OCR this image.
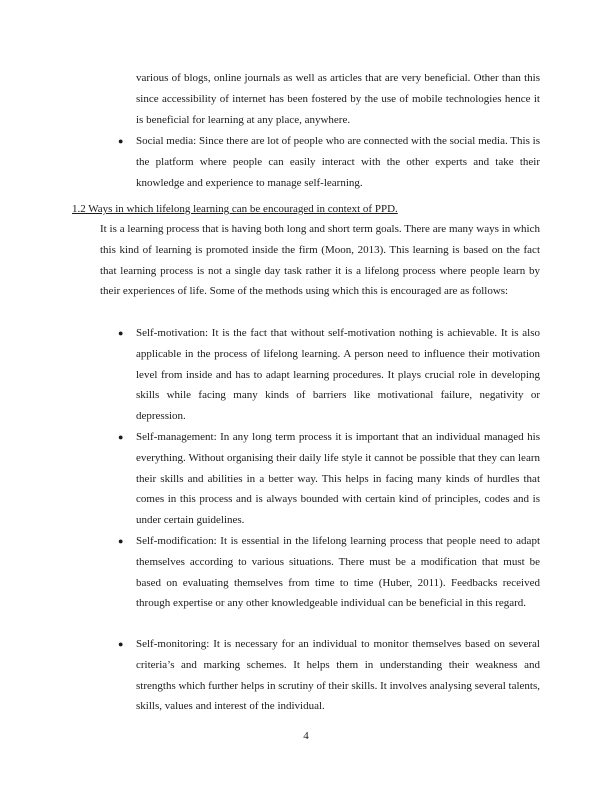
various of blogs, online journals as well as articles that are very beneficial. Other than this since accessibility of internet has been fostered by the use of mobile technologies hence it is beneficial for learning at any place, anywhere.

● Social media: Since there are lot of people who are connected with the social media. This is the platform where people can easily interact with the other experts and take their knowledge and experience to manage self-learning.

1.2 Ways in which lifelong learning can be encouraged in context of PPD.

It is a learning process that is having both long and short term goals. There are many ways in which this kind of learning is promoted inside the firm (Moon, 2013). This learning is based on the fact that learning process is not a single day task rather it is a lifelong process where people learn by their experiences of life. Some of the methods using which this is encouraged are as follows:

● Self-motivation: It is the fact that without self-motivation nothing is achievable. It is also applicable in the process of lifelong learning. A person need to influence their motivation level from inside and has to adapt learning procedures. It plays crucial role in developing skills while facing many kinds of barriers like motivational failure, negativity or depression.

● Self-management: In any long term process it is important that an individual managed his everything. Without organising their daily life style it cannot be possible that they can learn their skills and abilities in a better way. This helps in facing many kinds of hurdles that comes in this process and is always bounded with certain kind of principles, codes and is under certain guidelines.

● Self-modification: It is essential in the lifelong learning process that people need to adapt themselves according to various situations. There must be a modification that must be based on evaluating themselves from time to time (Huber, 2011). Feedbacks received through expertise or any other knowledgeable individual can be beneficial in this regard.

● Self-monitoring: It is necessary for an individual to monitor themselves based on several criteria’s and marking schemes. It helps them in understanding their weakness and strengths which further helps in scrutiny of their skills. It involves analysing several talents, skills, values and interest of the individual.

4
